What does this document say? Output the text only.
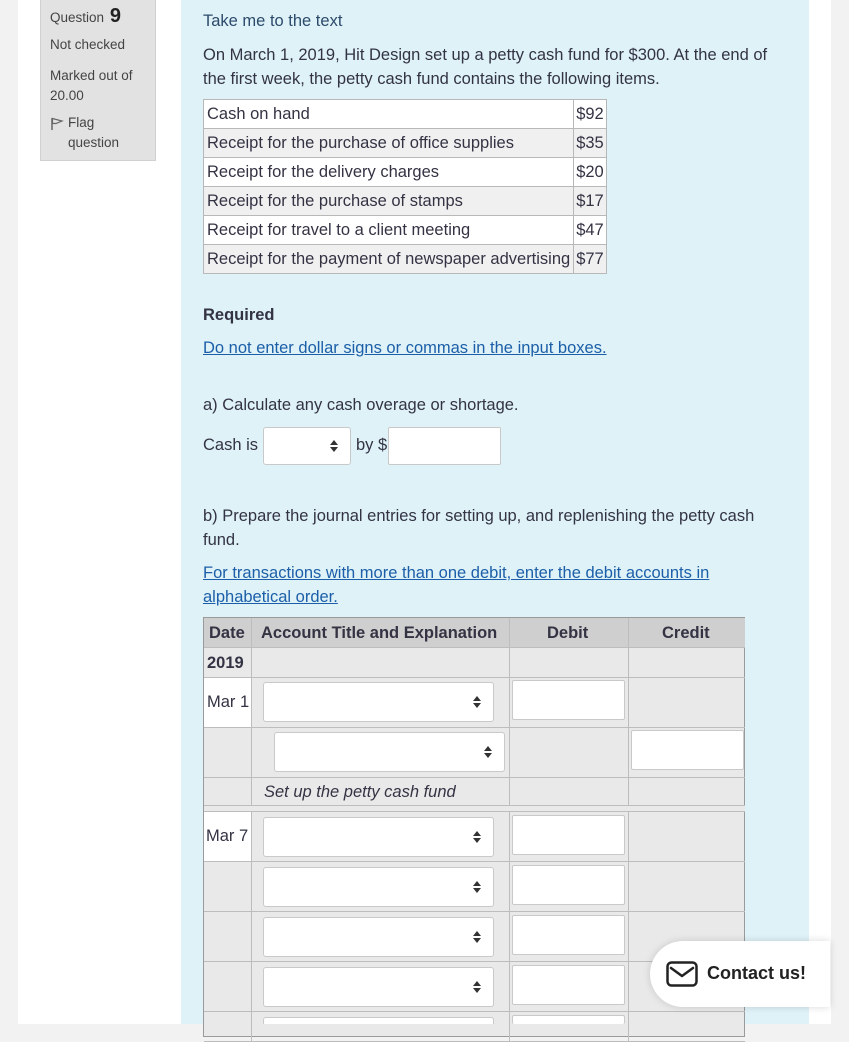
Question 9
Not checked
Marked out of 20.00
Flag question
Take me to the text
On March 1, 2019, Hit Design set up a petty cash fund for $300. At the end of the first week, the petty cash fund contains the following items.
Cash on hand	$92
Receipt for the purchase of office supplies	$35
Receipt for the delivery charges	$20
Receipt for the purchase of stamps	$17
Receipt for travel to a client meeting	$47
Receipt for the payment of newspaper advertising	$77
Required
Do not enter dollar signs or commas in the input boxes.
a) Calculate any cash overage or shortage.
Cash is	by $
b) Prepare the journal entries for setting up, and replenishing the petty cash fund.
For transactions with more than one debit, enter the debit accounts in alphabetical order.
Date Account Title and Explanation	Debit	Credit
2019
Mar 1
Set up the petty cash fund
Mar 7
Contact us!
